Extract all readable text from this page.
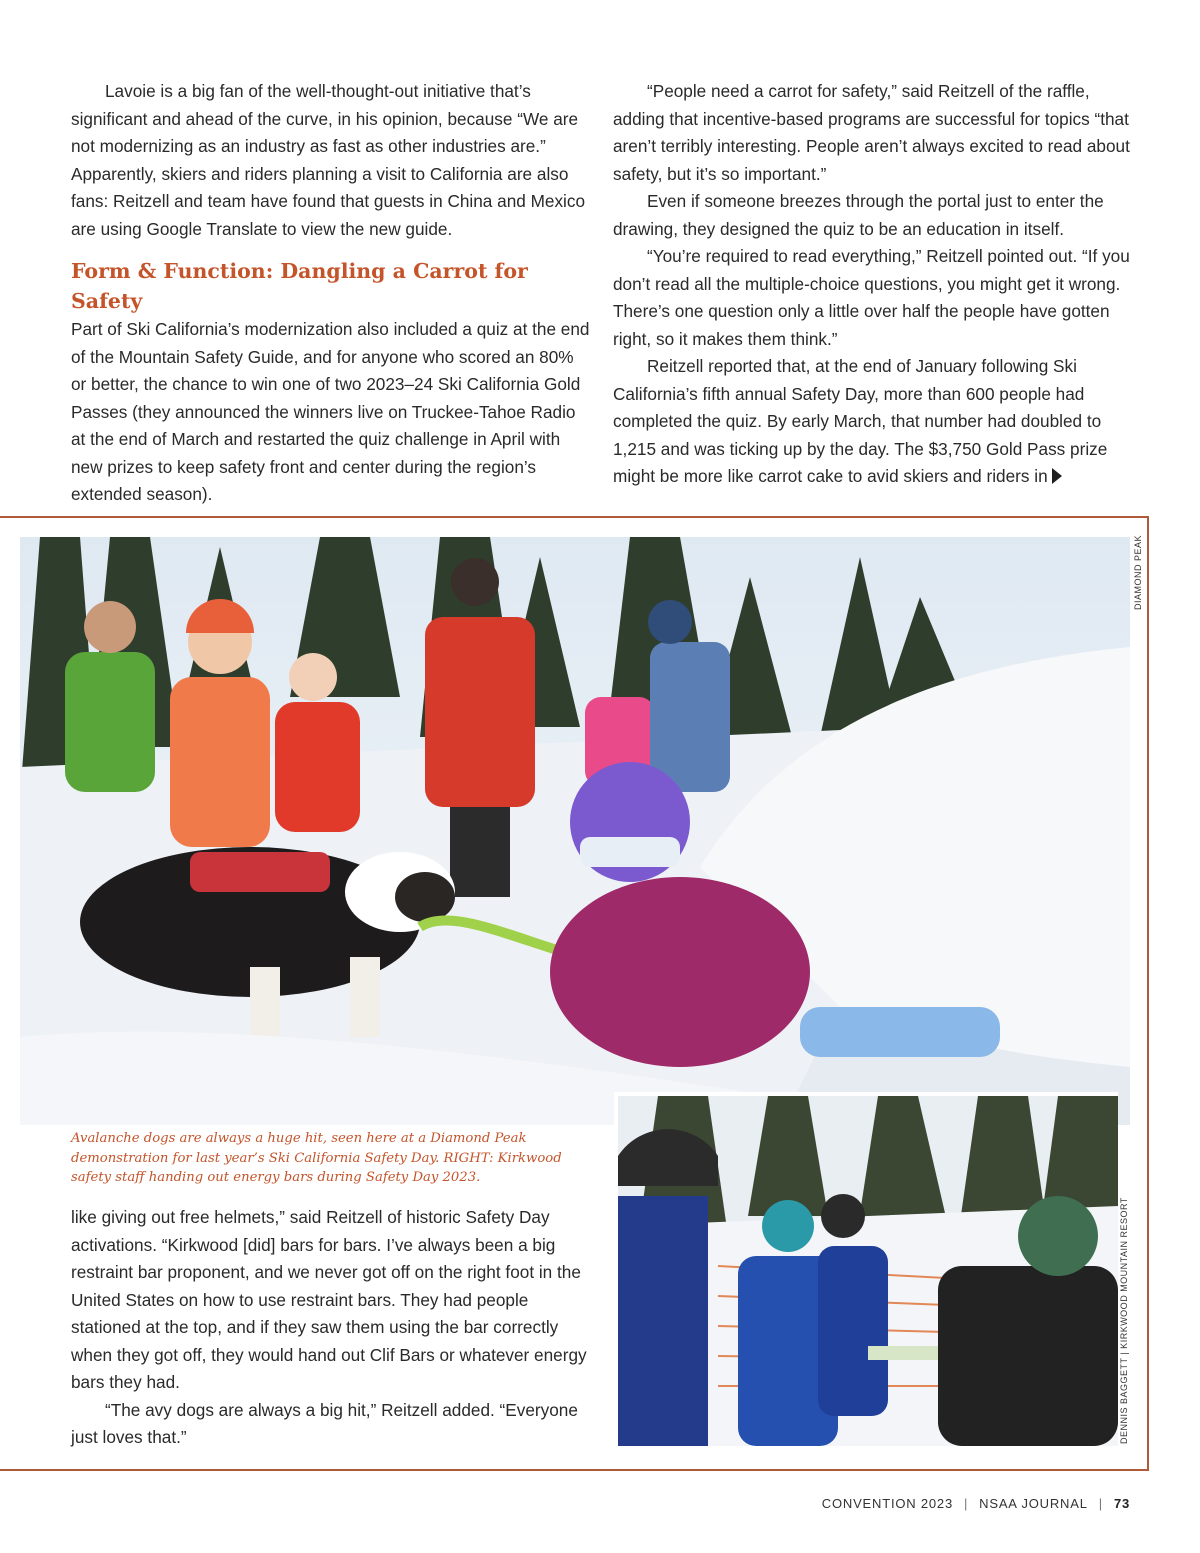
Lavoie is a big fan of the well-thought-out initiative that’s significant and ahead of the curve, in his opinion, because “We are not modernizing as an industry as fast as other industries are.” Apparently, skiers and riders planning a visit to California are also fans: Reitzell and team have found that guests in China and Mexico are using Google Translate to view the new guide.

Form & Function: Dangling a Carrot for Safety

Part of Ski California’s modernization also included a quiz at the end of the Mountain Safety Guide, and for anyone who scored an 80% or better, the chance to win one of two 2023–24 Ski California Gold Passes (they announced the winners live on Truckee-Tahoe Radio at the end of March and restarted the quiz challenge in April with new prizes to keep safety front and center during the region’s extended season).

“People need a carrot for safety,” said Reitzell of the raffle, adding that incentive-based programs are successful for topics “that aren’t terribly interesting. People aren’t always excited to read about safety, but it’s so important.”

Even if someone breezes through the portal just to enter the drawing, they designed the quiz to be an education in itself.

“You’re required to read everything,” Reitzell pointed out. “If you don’t read all the multiple-choice questions, you might get it wrong. There’s one question only a little over half the people have gotten right, so it makes them think.”

Reitzell reported that, at the end of January following Ski California’s fifth annual Safety Day, more than 600 people had completed the quiz. By early March, that number had doubled to 1,215 and was ticking up by the day. The $3,750 Gold Pass prize might be more like carrot cake to avid skiers and riders in

DIAMOND PEAK
DENNIS BAGGETT | KIRKWOOD MOUNTAIN RESORT
Avalanche dogs are always a huge hit, seen here at a Diamond Peak demonstration for last year’s Ski California Safety Day. RIGHT: Kirkwood safety staff handing out energy bars during Safety Day 2023.

like giving out free helmets,” said Reitzell of historic Safety Day activations. “Kirkwood [did] bars for bars. I’ve always been a big restraint bar proponent, and we never got off on the right foot in the United States on how to use restraint bars. They had people stationed at the top, and if they saw them using the bar correctly when they got off, they would hand out Clif Bars or whatever energy bars they had.

“The avy dogs are always a big hit,” Reitzell added. “Everyone just loves that.”

CONVENTION 2023 | NSAA JOURNAL | 73
